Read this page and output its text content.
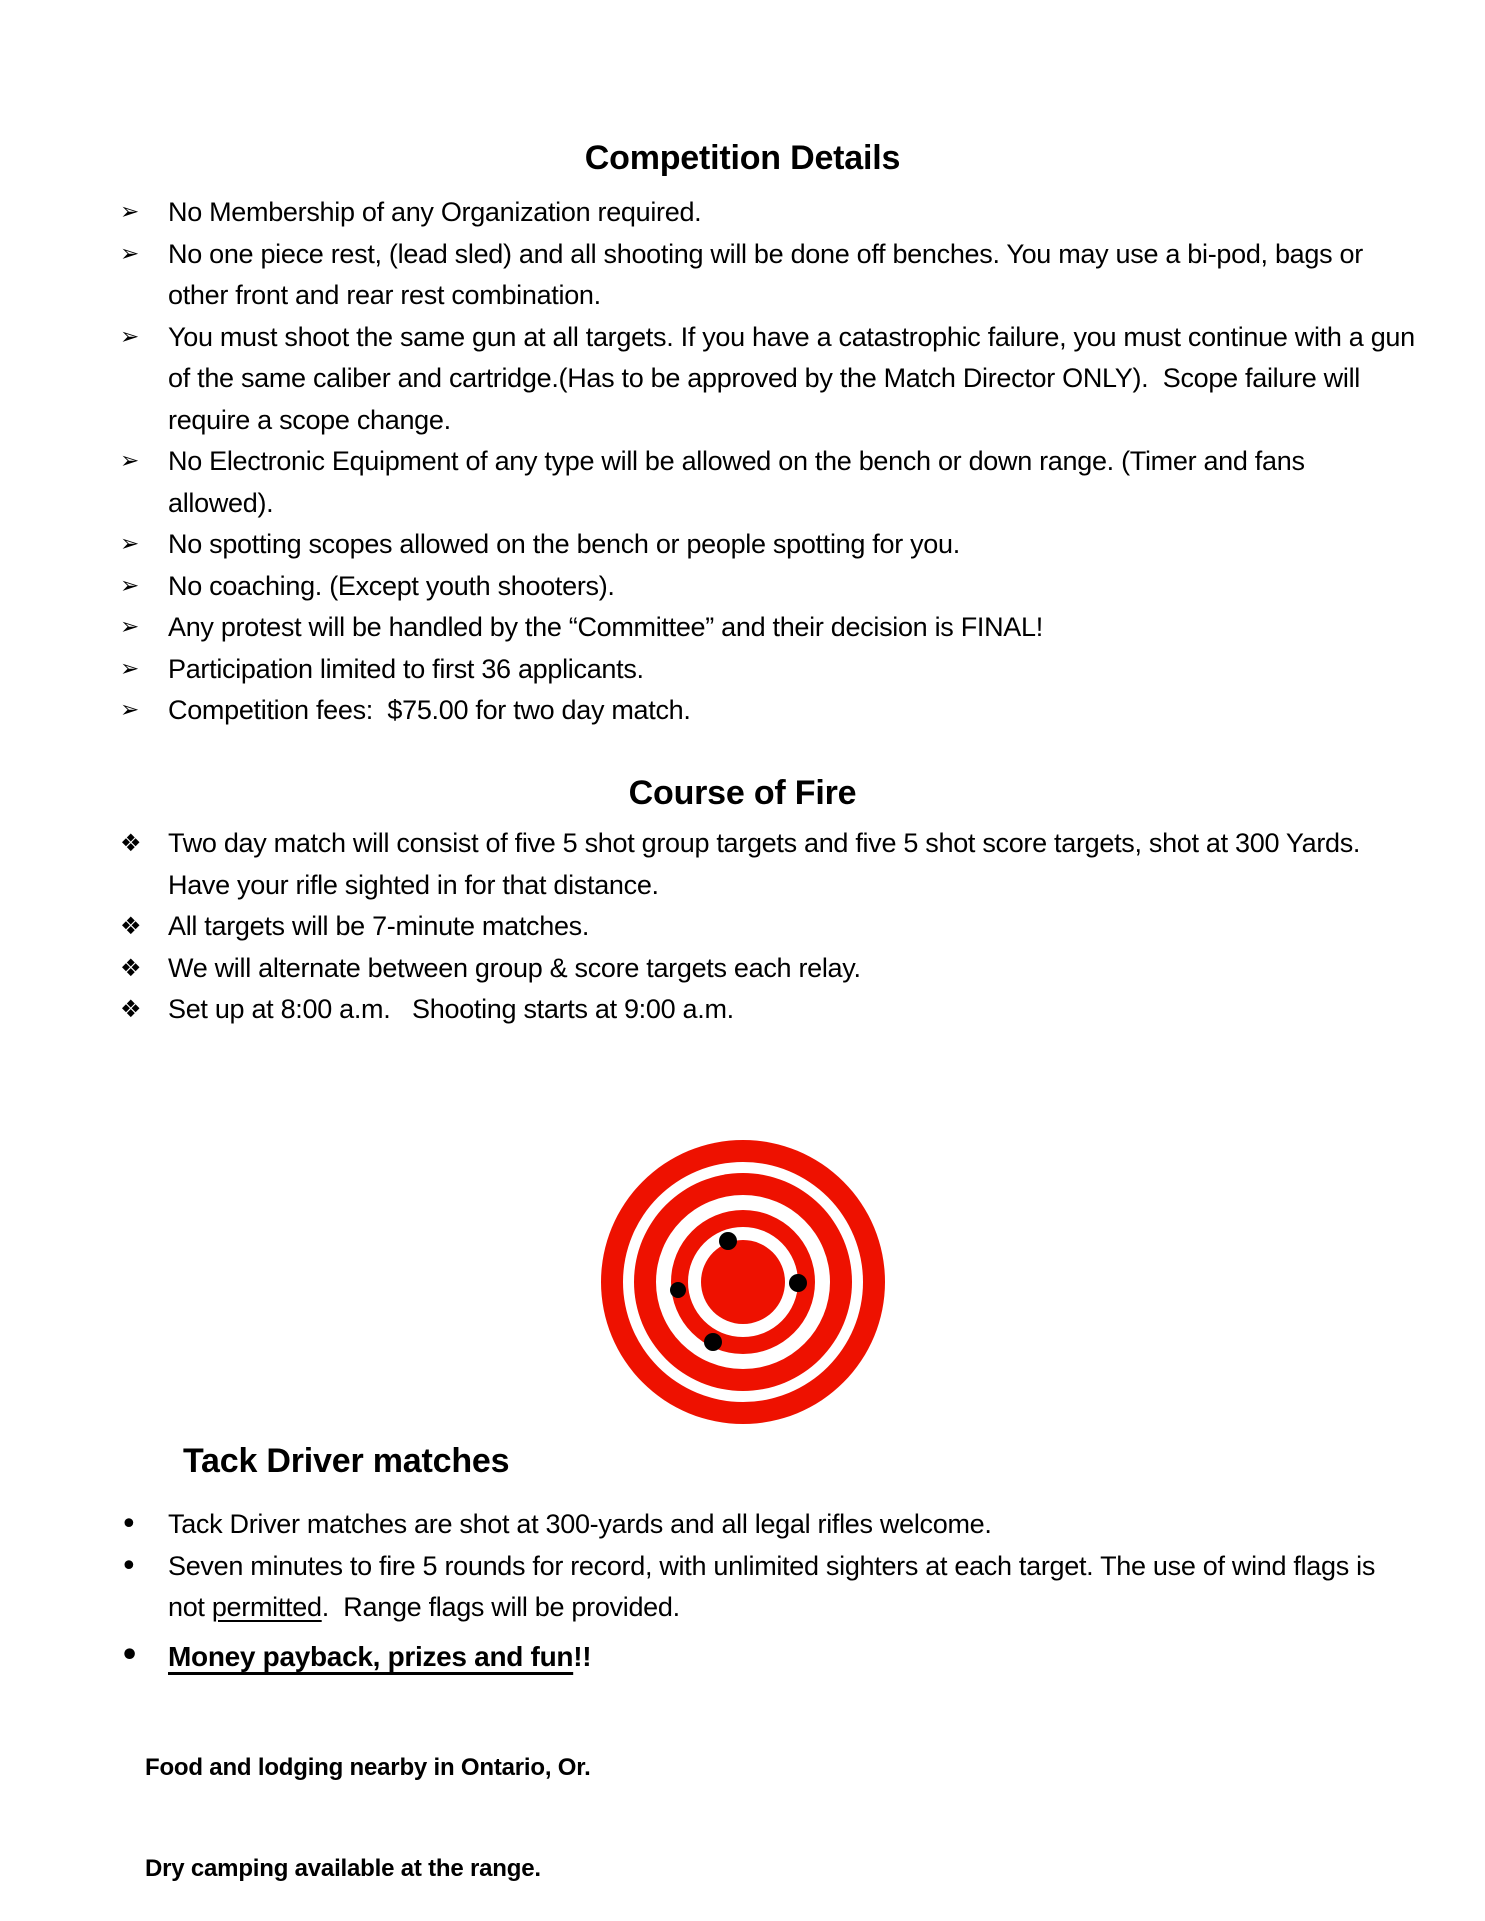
Competition Details
➢ No Membership of any Organization required.
➢ No one piece rest, (lead sled) and all shooting will be done off benches. You may use a bi-pod, bags or other front and rear rest combination.
➢ You must shoot the same gun at all targets. If you have a catastrophic failure, you must continue with a gun of the same caliber and cartridge.(Has to be approved by the Match Director ONLY).  Scope failure will require a scope change.
➢ No Electronic Equipment of any type will be allowed on the bench or down range. (Timer and fans allowed).
➢ No spotting scopes allowed on the bench or people spotting for you.
➢ No coaching. (Except youth shooters).
➢ Any protest will be handled by the “Committee” and their decision is FINAL!
➢ Participation limited to first 36 applicants.
➢ Competition fees:  $75.00 for two day match.
Course of Fire
❖ Two day match will consist of five 5 shot group targets and five 5 shot score targets, shot at 300 Yards.  Have your rifle sighted in for that distance.
❖ All targets will be 7-minute matches.
❖ We will alternate between group & score targets each relay.
❖ Set up at 8:00 a.m.   Shooting starts at 9:00 a.m.
Tack Driver matches
• Tack Driver matches are shot at 300-yards and all legal rifles welcome.
• Seven minutes to fire 5 rounds for record, with unlimited sighters at each target. The use of wind flags is not permitted.  Range flags will be provided.
• Money payback, prizes and fun!!

Food and lodging nearby in Ontario, Or.

Dry camping available at the range.
